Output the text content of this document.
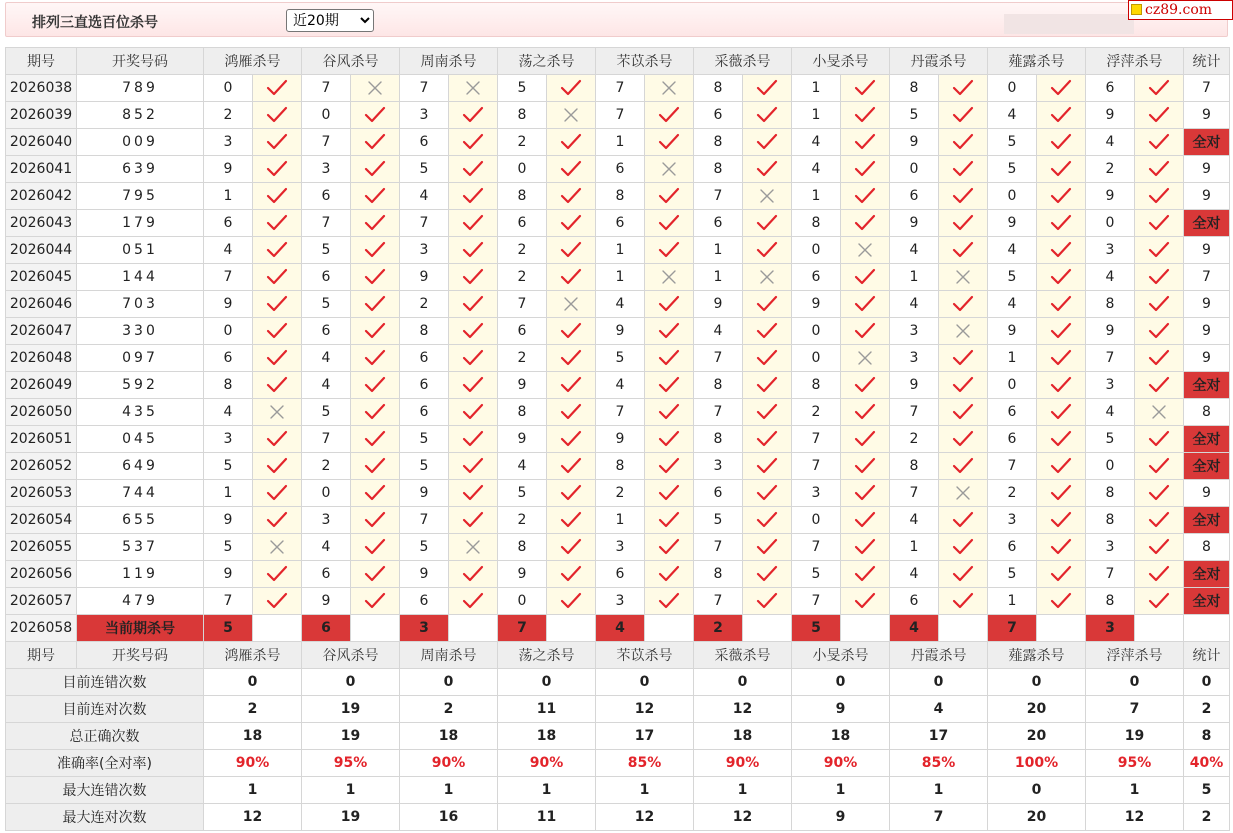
排列三直选百位杀号
近20期
cz89.com
期号	开奖号码	鸿雁杀号		谷风杀号		周南杀号		荡之杀号		芣苡杀号		采薇杀号		小旻杀号		丹霞杀号		薤露杀号		浮萍杀号		统计
2026038	789	0		7		7		5		7		8		1		8		0		6		7
2026039	852	2		0		3		8		7		6		1		5		4		9		9
2026040	009	3		7		6		2		1		8		4		9		5		4		全对
2026041	639	9		3		5		0		6		8		4		0		5		2		9
2026042	795	1		6		4		8		8		7		1		6		0		9		9
2026043	179	6		7		7		6		6		6		8		9		9		0		全对
2026044	051	4		5		3		2		1		1		0		4		4		3		9
2026045	144	7		6		9		2		1		1		6		1		5		4		7
2026046	703	9		5		2		7		4		9		9		4		4		8		9
2026047	330	0		6		8		6		9		4		0		3		9		9		9
2026048	097	6		4		6		2		5		7		0		3		1		7		9
2026049	592	8		4		6		9		4		8		8		9		0		3		全对
2026050	435	4		5		6		8		7		7		2		7		6		4		8
2026051	045	3		7		5		9		9		8		7		2		6		5		全对
2026052	649	5		2		5		4		8		3		7		8		7		0		全对
2026053	744	1		0		9		5		2		6		3		7		2		8		9
2026054	655	9		3		7		2		1		5		0		4		3		8		全对
2026055	537	5		4		5		8		3		7		7		1		6		3		8
2026056	119	9		6		9		9		6		8		5		4		5		7		全对
2026057	479	7		9		6		0		3		7		7		6		1		8		全对
2026058	当前期杀号	5		6		3		7		4		2		5		4		7		3		
期号	开奖号码	鸿雁杀号		谷风杀号		周南杀号		荡之杀号		芣苡杀号		采薇杀号		小旻杀号		丹霞杀号		薤露杀号		浮萍杀号		统计
目前连错次数		0		0		0		0		0		0		0		0		0		0		0
目前连对次数		2		19		2		11		12		12		9		4		20		7		2
总正确次数		18		19		18		18		17		18		18		17		20		19		8
准确率(全对率)		90%		95%		90%		90%		85%		90%		90%		85%		100%		95%		40%
最大连错次数		1		1		1		1		1		1		1		1		0		1		5
最大连对次数		12		19		16		11		12		12		9		7		20		12		2
